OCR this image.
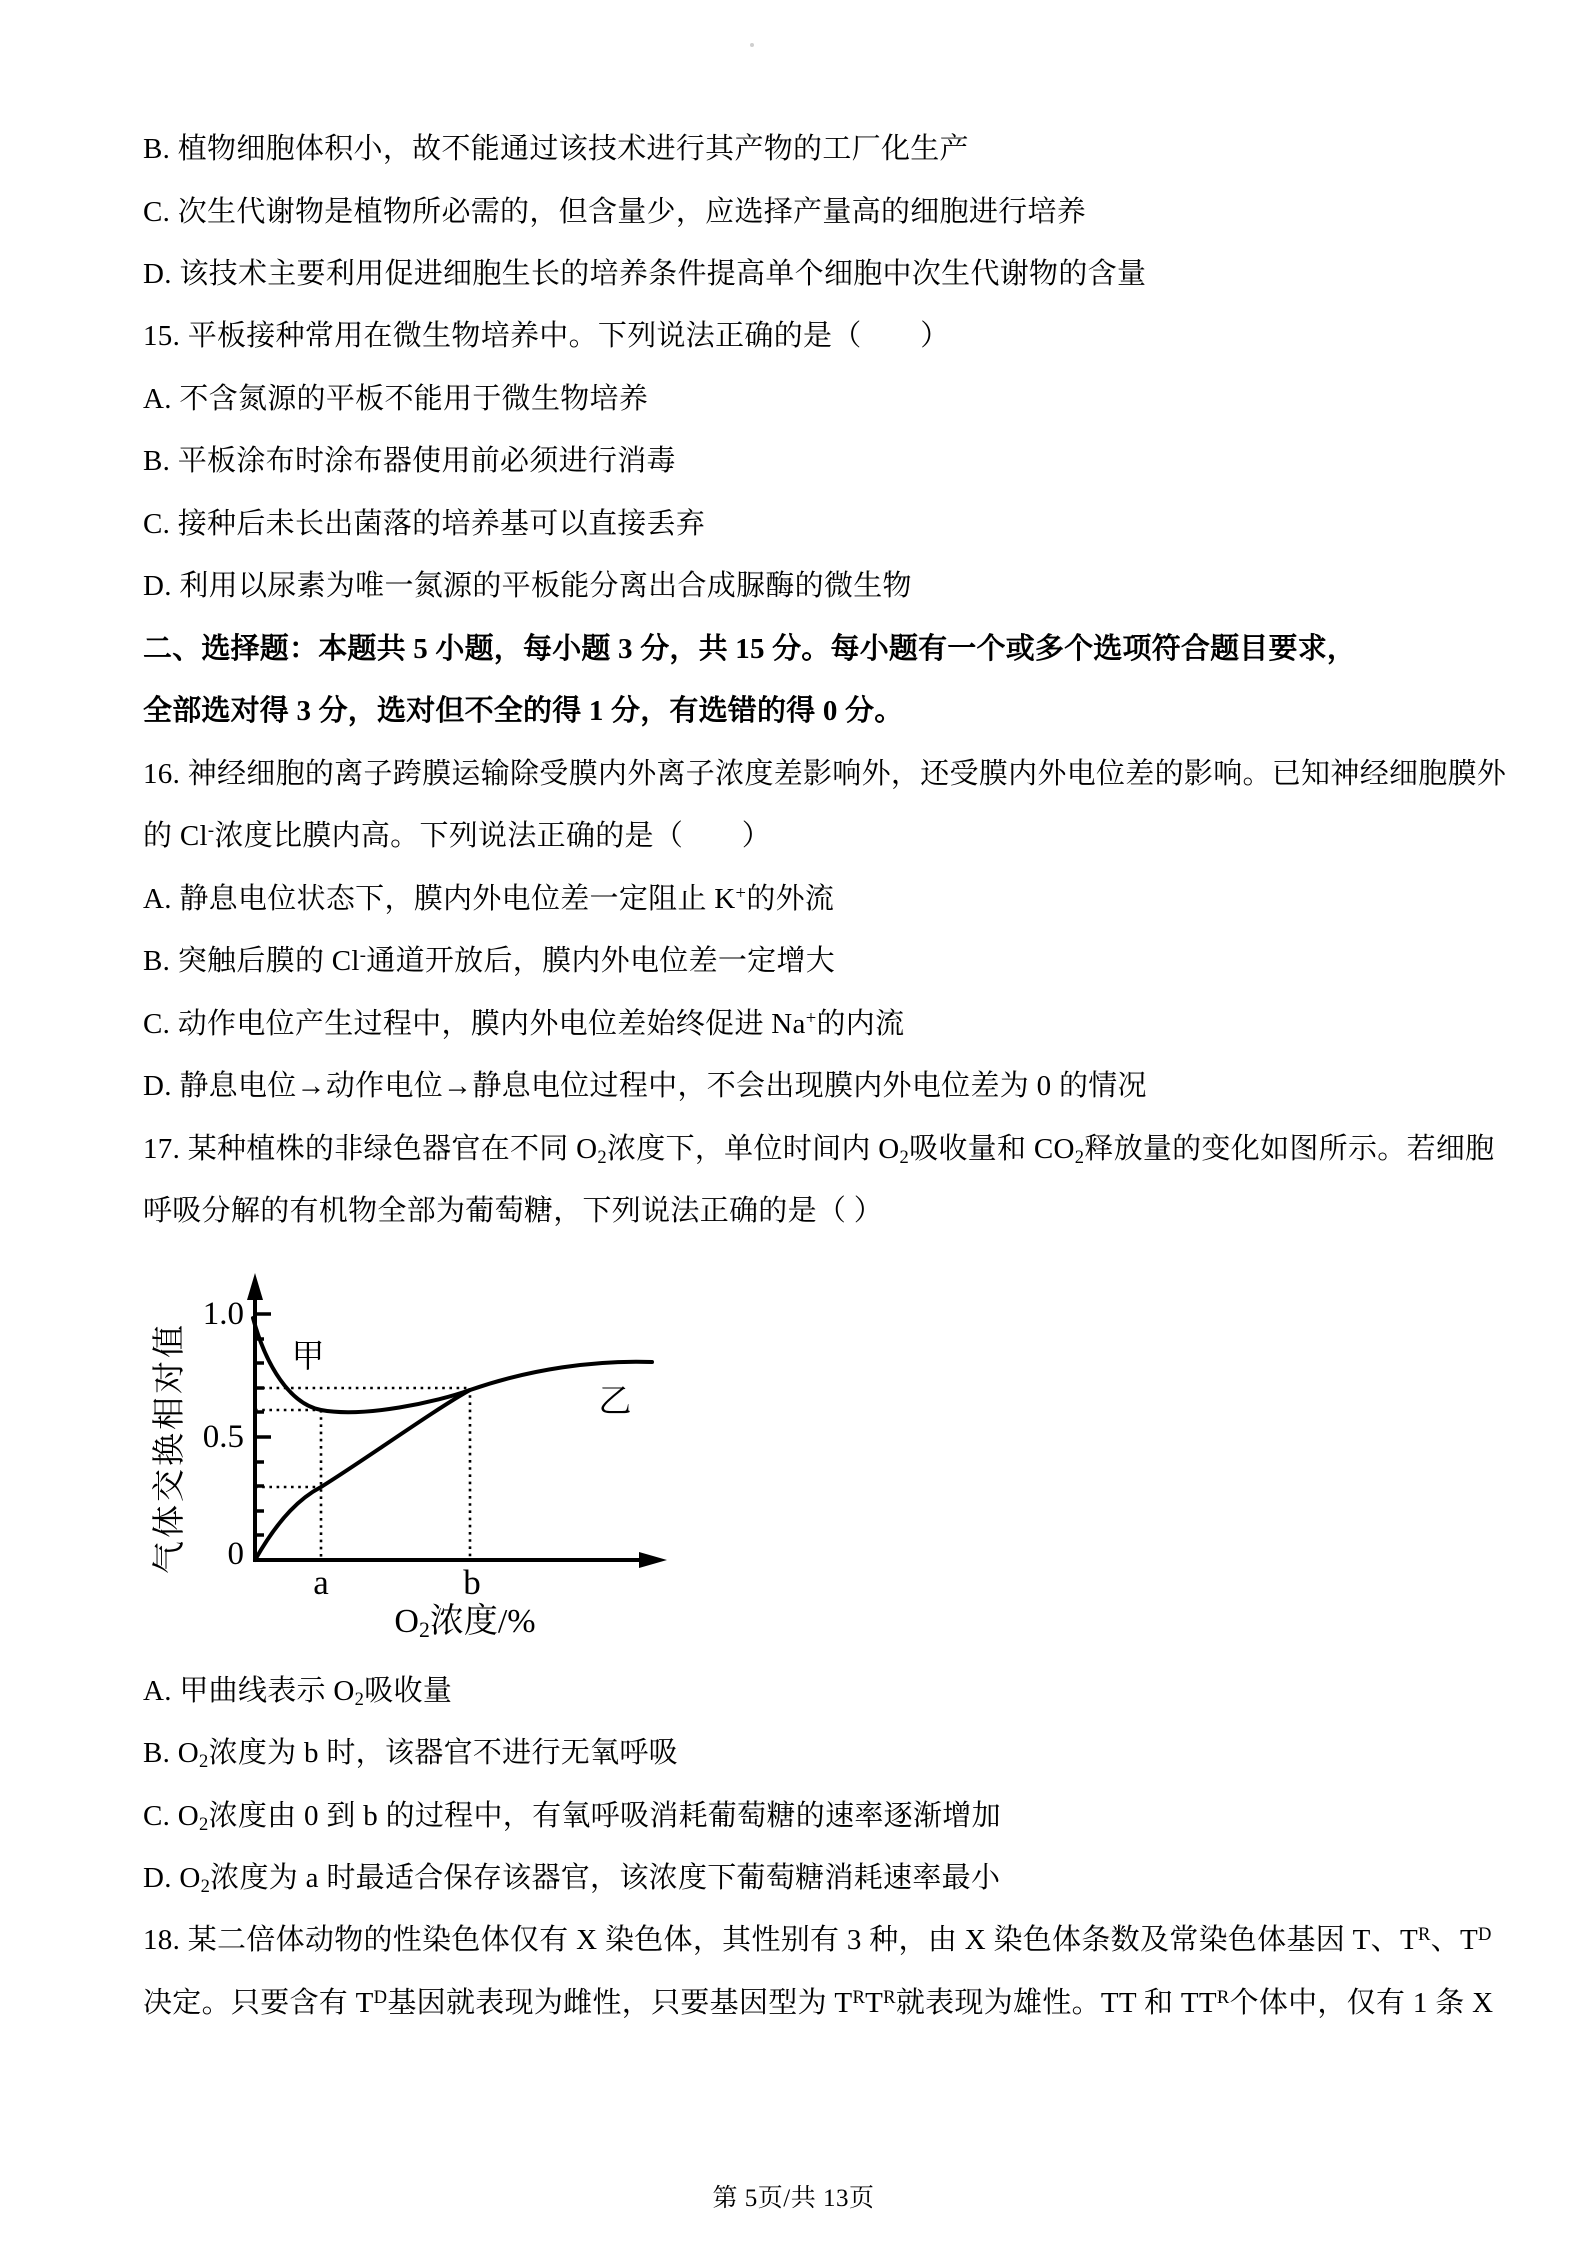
B. 植物细胞体积小，故不能通过该技术进行其产物的工厂化生产
C. 次生代谢物是植物所必需的，但含量少，应选择产量高的细胞进行培养
D. 该技术主要利用促进细胞生长的培养条件提高单个细胞中次生代谢物的含量
15. 平板接种常用在微生物培养中。下列说法正确的是（　　）
A. 不含氮源的平板不能用于微生物培养
B. 平板涂布时涂布器使用前必须进行消毒
C. 接种后未长出菌落的培养基可以直接丢弃
D. 利用以尿素为唯一氮源的平板能分离出合成脲酶的微生物
二、选择题：本题共 5 小题，每小题 3 分，共 15 分。每小题有一个或多个选项符合题目要求，
全部选对得 3 分，选对但不全的得 1 分，有选错的得 0 分。
16. 神经细胞的离子跨膜运输除受膜内外离子浓度差影响外，还受膜内外电位差的影响。已知神经细胞膜外
的 Cl-浓度比膜内高。下列说法正确的是（　　）
A. 静息电位状态下，膜内外电位差一定阻止 K+的外流
B. 突触后膜的 Cl-通道开放后，膜内外电位差一定增大
C. 动作电位产生过程中，膜内外电位差始终促进 Na+的内流
D. 静息电位→动作电位→静息电位过程中，不会出现膜内外电位差为 0 的情况
17. 某种植株的非绿色器官在不同 $O_2$浓度下，单位时间内 $O_2$吸收量和 $CO_2$释放量的变化如图所示。若细胞
呼吸分解的有机物全部为葡萄糖，下列说法正确的是（ ）
气体交换相对值
1.0
0.5
0
甲
乙
a	b
$O_2$浓度/%
A. 甲曲线表示 $O_2$吸收量
B. $O_2$浓度为 b 时，该器官不进行无氧呼吸
C. $O_2$浓度由 0 到 b 的过程中，有氧呼吸消耗葡萄糖的速率逐渐增加
D. $O_2$浓度为 a 时最适合保存该器官，该浓度下葡萄糖消耗速率最小
18. 某二倍体动物的性染色体仅有 X 染色体，其性别有 3 种，由 X 染色体条数及常染色体基因 T、$T^R$、$T^D$
决定。只要含有 $T^D$基因就表现为雌性，只要基因型为 $T^RT^R$就表现为雄性。TT 和 $TT^R$个体中，仅有 1 条 X
第 5页/共 13页
